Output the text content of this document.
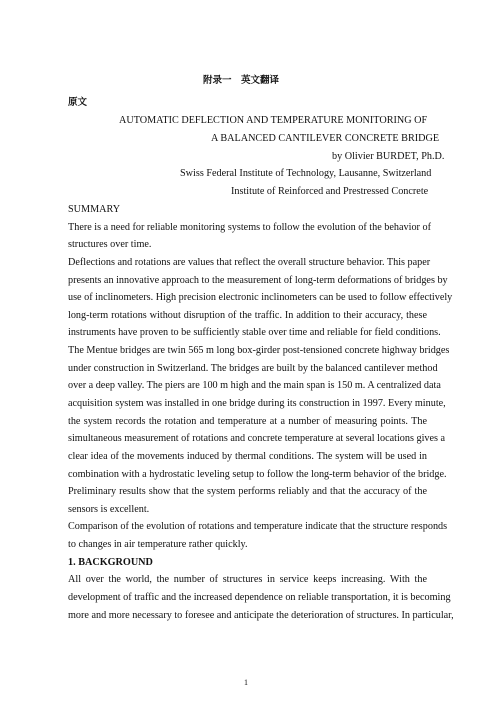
附录一　英文翻译
原文
AUTOMATIC DEFLECTION AND TEMPERATURE MONITORING OF
A BALANCED CANTILEVER CONCRETE BRIDGE
by Olivier BURDET, Ph.D.
Swiss Federal Institute of Technology, Lausanne, Switzerland
Institute of Reinforced and Prestressed Concrete
SUMMARY
There is a need for reliable monitoring systems to follow the evolution of the behavior of
structures over time.
Deflections and rotations are values that reflect the overall structure behavior. This paper
presents an innovative approach to the measurement of long-term deformations of bridges by
use of inclinometers. High precision electronic inclinometers can be used to follow effectively
long-term rotations without disruption of the traffic. In addition to their accuracy, these
instruments have proven to be sufficiently stable over time and reliable for field conditions.
The Mentue bridges are twin 565 m long box-girder post-tensioned concrete highway bridges
under construction in Switzerland. The bridges are built by the balanced cantilever method
over a deep valley. The piers are 100 m high and the main span is 150 m. A centralized data
acquisition system was installed in one bridge during its construction in 1997. Every minute,
the system records the rotation and temperature at a number of measuring points. The
simultaneous measurement of rotations and concrete temperature at several locations gives a
clear idea of the movements induced by thermal conditions. The system will be used in
combination with a hydrostatic leveling setup to follow the long-term behavior of the bridge.
Preliminary results show that the system performs reliably and that the accuracy of the
sensors is excellent.
Comparison of the evolution of rotations and temperature indicate that the structure responds
to changes in air temperature rather quickly.
1. BACKGROUND
All over the world, the number of structures in service keeps increasing. With the
development of traffic and the increased dependence on reliable transportation, it is becoming
more and more necessary to foresee and anticipate the deterioration of structures. In particular,
1
